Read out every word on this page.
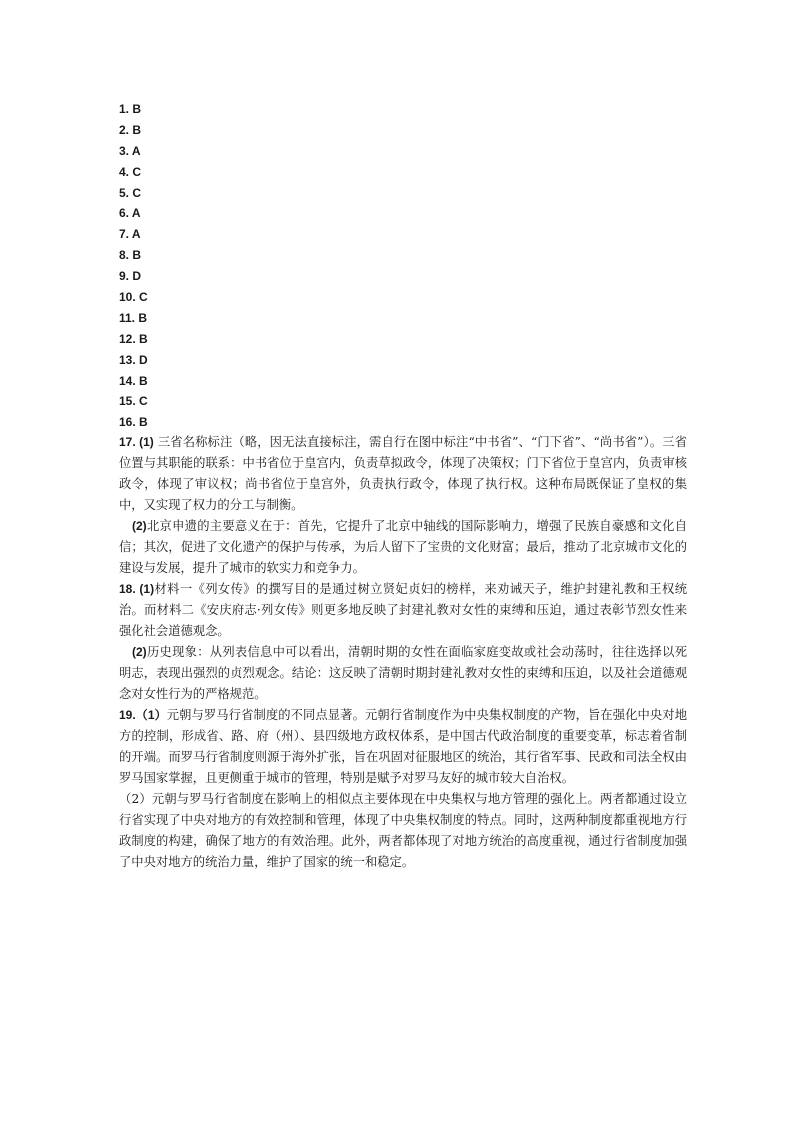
1. B
2. B
3. A
4. C
5. C
6. A
7. A
8. B
9. D
10. C
11. B
12. B
13. D
14. B
15. C
16. B

17. (1) 三省名称标注（略，因无法直接标注，需自行在图中标注“中书省”、“门下省”、“尚书省”）。三省位置与其职能的联系：中书省位于皇宫内，负责草拟政令，体现了决策权；门下省位于皇宫内，负责审核政令，体现了审议权；尚书省位于皇宫外，负责执行政令，体现了执行权。这种布局既保证了皇权的集中，又实现了权力的分工与制衡。

(2)北京申遗的主要意义在于：首先，它提升了北京中轴线的国际影响力，增强了民族自豪感和文化自信；其次，促进了文化遗产的保护与传承，为后人留下了宝贵的文化财富；最后，推动了北京城市文化的建设与发展，提升了城市的软实力和竞争力。

18. (1)材料一《列女传》的撰写目的是通过树立贤妃贞妇的榜样，来劝诫天子，维护封建礼教和王权统治。而材料二《安庆府志·列女传》则更多地反映了封建礼教对女性的束缚和压迫，通过表彰节烈女性来强化社会道德观念。

(2)历史现象：从列表信息中可以看出，清朝时期的女性在面临家庭变故或社会动荡时，往往选择以死明志，表现出强烈的贞烈观念。结论：这反映了清朝时期封建礼教对女性的束缚和压迫，以及社会道德观念对女性行为的严格规范。

19.（1）元朝与罗马行省制度的不同点显著。元朝行省制度作为中央集权制度的产物，旨在强化中央对地方的控制，形成省、路、府（州）、县四级地方政权体系，是中国古代政治制度的重要变革，标志着省制的开端。而罗马行省制度则源于海外扩张，旨在巩固对征服地区的统治，其行省军事、民政和司法全权由罗马国家掌握，且更侧重于城市的管理，特别是赋予对罗马友好的城市较大自治权。

（2）元朝与罗马行省制度在影响上的相似点主要体现在中央集权与地方管理的强化上。两者都通过设立行省实现了中央对地方的有效控制和管理，体现了中央集权制度的特点。同时，这两种制度都重视地方行政制度的构建，确保了地方的有效治理。此外，两者都体现了对地方统治的高度重视，通过行省制度加强了中央对地方的统治力量，维护了国家的统一和稳定。
